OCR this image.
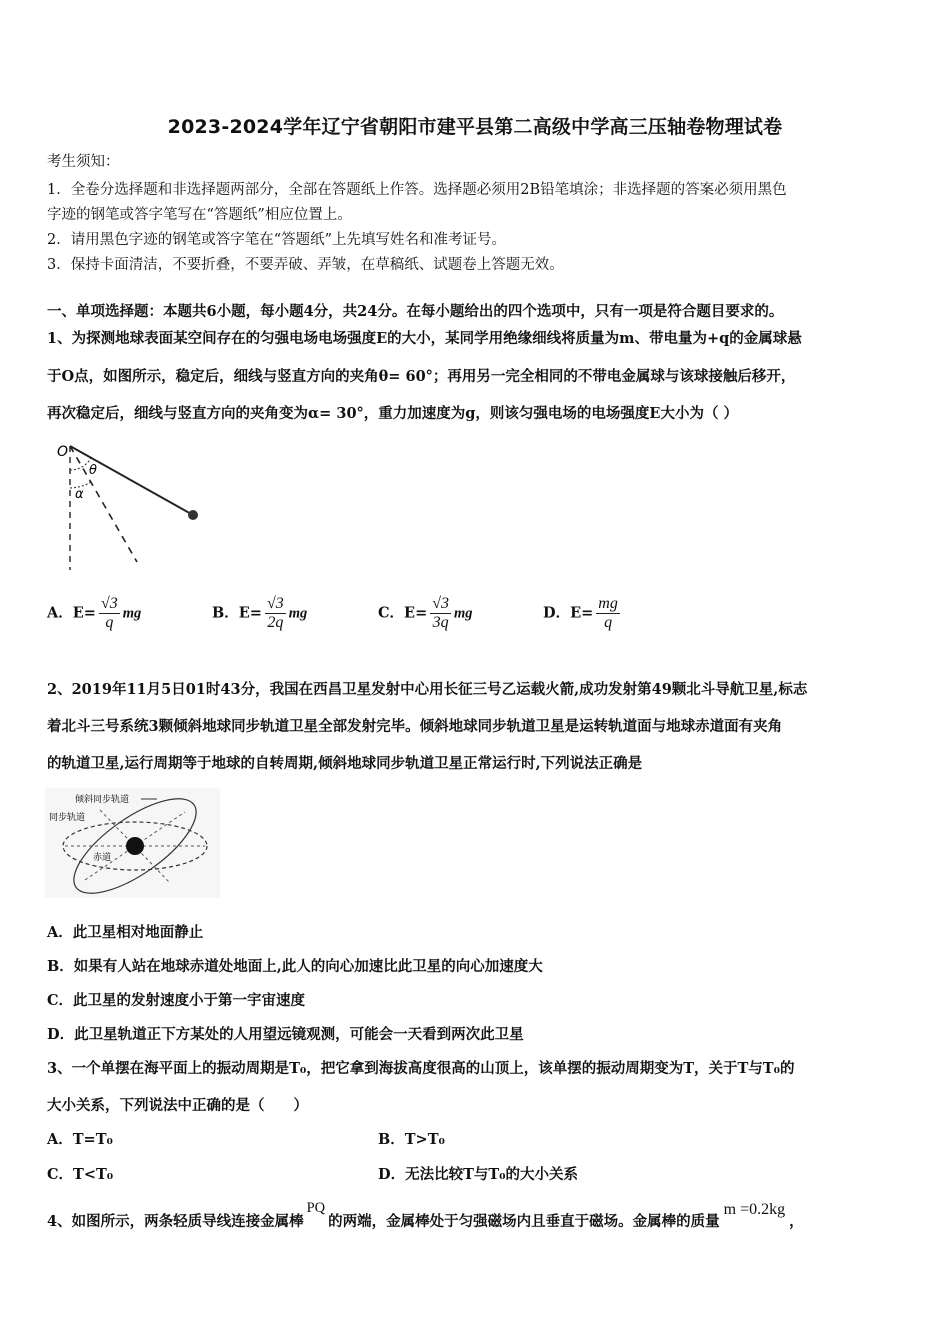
2023-2024学年辽宁省朝阳市建平县第二高级中学高三压轴卷物理试卷
考生须知：
1．全卷分选择题和非选择题两部分，全部在答题纸上作答。选择题必须用2B铅笔填涂；非选择题的答案必须用黑色
字迹的钢笔或答字笔写在“答题纸”相应位置上。
2．请用黑色字迹的钢笔或答字笔在“答题纸”上先填写姓名和准考证号。
3．保持卡面清洁，不要折叠，不要弄破、弄皱，在草稿纸、试题卷上答题无效。
一、单项选择题：本题共6小题，每小题4分，共24分。在每小题给出的四个选项中，只有一项是符合题目要求的。
1、为探测地球表面某空间存在的匀强电场电场强度E的大小，某同学用绝缘细线将质量为m、带电量为+q的金属球悬
于O点，如图所示，稳定后，细线与竖直方向的夹角θ= 60°；再用另一完全相同的不带电金属球与该球接触后移开，
再次稳定后，细线与竖直方向的夹角变为α= 30°，重力加速度为g，则该匀强电场的电场强度E大小为（ ）
O
θ
α
A．$E= \frac{√3}{q}$ mg	B．$E= \frac{√3}{2q}$ mg	C．$E= \frac{√3}{3q}$ mg	D．$E= \frac{mg}{q}$
2、2019年11月5日01时43分，我国在西昌卫星发射中心用长征三号乙运载火箭,成功发射第49颗北斗导航卫星,标志
着北斗三号系统3颗倾斜地球同步轨道卫星全部发射完毕。倾斜地球同步轨道卫星是运转轨道面与地球赤道面有夹角
的轨道卫星,运行周期等于地球的自转周期,倾斜地球同步轨道卫星正常运行时,下列说法正确是
倾斜同步轨道
同步轨道
赤道
A．此卫星相对地面静止
B．如果有人站在地球赤道处地面上,此人的向心加速比此卫星的向心加速度大
C．此卫星的发射速度小于第一宇宙速度
D．此卫星轨道正下方某处的人用望远镜观测，可能会一天看到两次此卫星
3、一个单摆在海平面上的振动周期是T₀，把它拿到海拔高度很高的山顶上，该单摆的振动周期变为T，关于T与T₀的
大小关系，下列说法中正确的是（　　）
A．T=T₀	B．T>T₀
C．T<T₀	D．无法比较T与T₀的大小关系
4、如图所示，两条轻质导线连接金属棒PQ的两端，金属棒处于匀强磁场内且垂直于磁场。金属棒的质量m =0.2kg，
